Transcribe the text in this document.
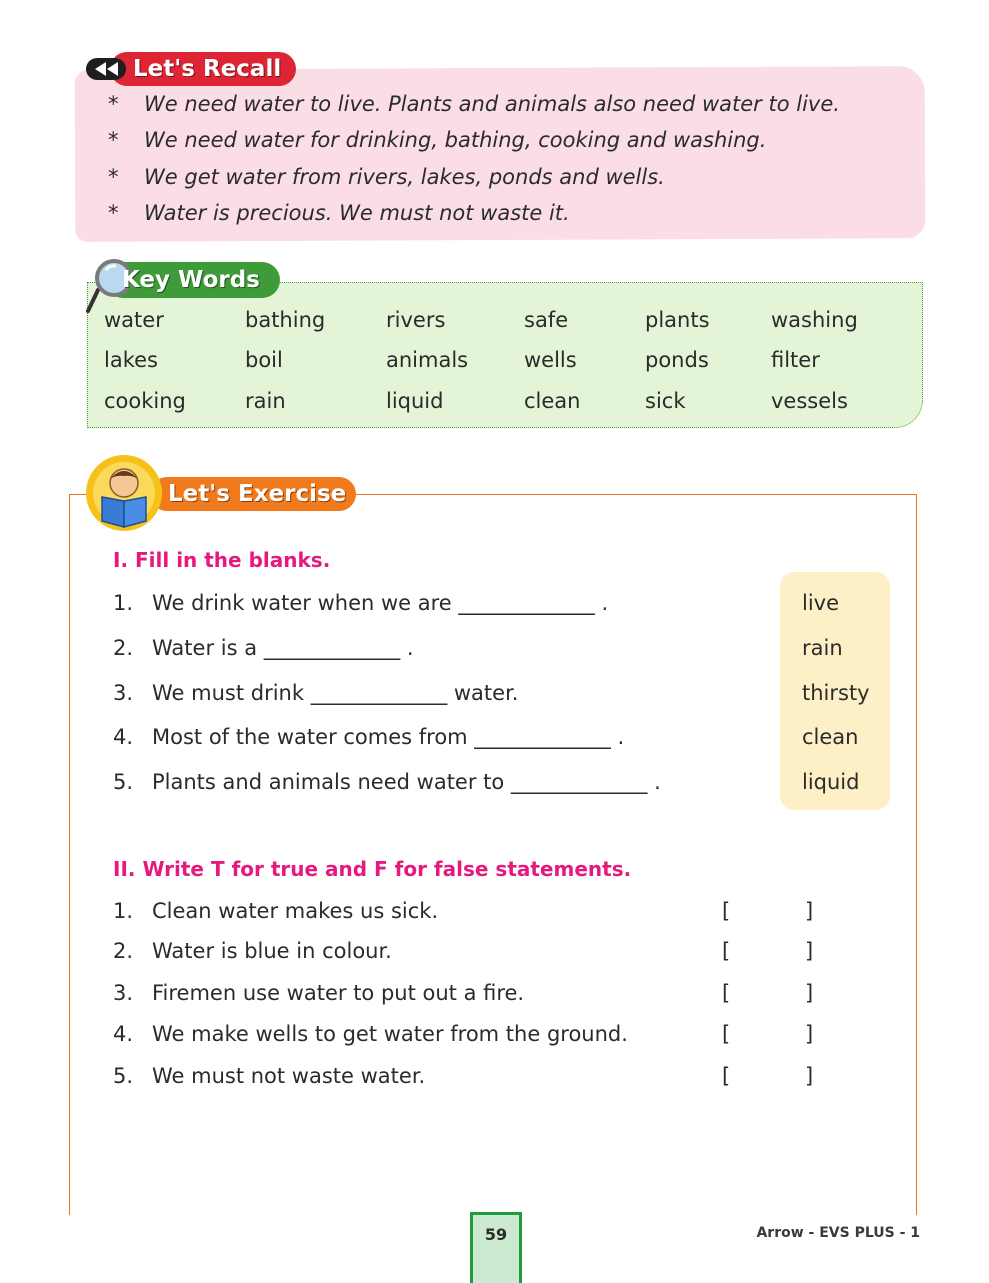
Let's Recall
* We need water to live. Plants and animals also need water to live.
* We need water for drinking, bathing, cooking and washing.
* We get water from rivers, lakes, ponds and wells.
* Water is precious. We must not waste it.
Key Words
water	bathing	rivers	safe	plants	washing
lakes	boil	animals	wells	ponds	filter
cooking	rain	liquid	clean	sick	vessels
Let's Exercise
I. Fill in the blanks.
1. We drink water when we are _____________ .
2. Water is a _____________ .
3. We must drink _____________ water.
4. Most of the water comes from _____________ .
5. Plants and animals need water to _____________ .
live
rain
thirsty
clean
liquid
II. Write T for true and F for false statements.
1. Clean water makes us sick.
2. Water is blue in colour.
3. Firemen use water to put out a fire.
4. We make wells to get water from the ground.
5. We must not waste water.
[	]
[	]
[	]
[	]
[	]
59	Arrow - EVS PLUS - 1
